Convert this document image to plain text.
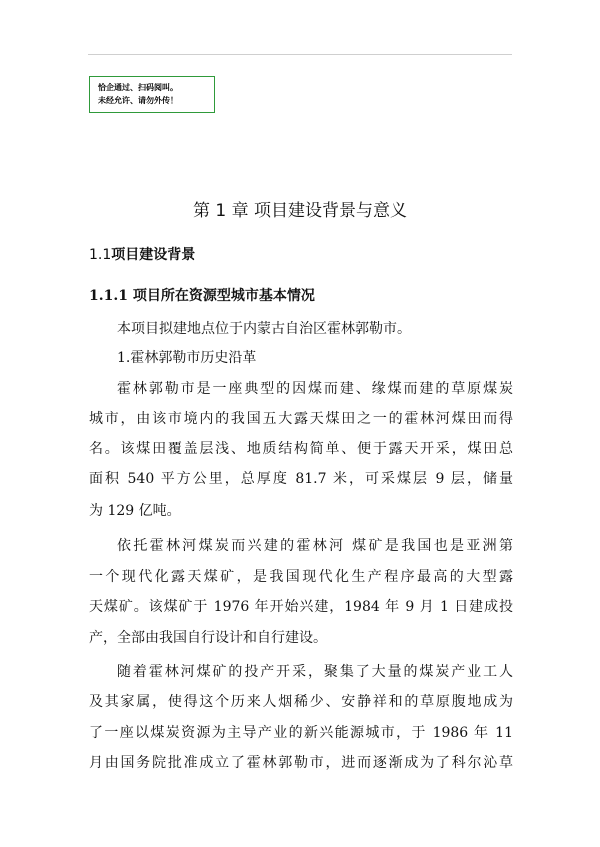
恰企通过、扫码阅叫。
未经允许、请勿外传！
第 1 章 项目建设背景与意义
1.1项目建设背景
1.1.1 项目所在资源型城市基本情况
本项目拟建地点位于内蒙古自治区霍林郭勒市。
1.霍林郭勒市历史沿革
霍林郭勒市是一座典型的因煤而建、缘煤而建的草原煤炭
城市，由该市境内的我国五大露天煤田之一的霍林河煤田而得
名。该煤田覆盖层浅、地质结构简单、便于露天开采，煤田总
面积 540 平方公里，总厚度 81.7 米，可采煤层 9 层，储量
为 129 亿吨。
依托霍林河煤炭而兴建的霍林河 煤矿是我国也是亚洲第
一个现代化露天煤矿，是我国现代化生产程序最高的大型露
天煤矿。该煤矿于 1976 年开始兴建，1984 年 9 月 1 日建成投
产，全部由我国自行设计和自行建设。
随着霍林河煤矿的投产开采，聚集了大量的煤炭产业工人
及其家属，使得这个历来人烟稀少、安静祥和的草原腹地成为
了一座以煤炭资源为主导产业的新兴能源城市，于 1986 年 11
月由国务院批准成立了霍林郭勒市，进而逐渐成为了科尔沁草
